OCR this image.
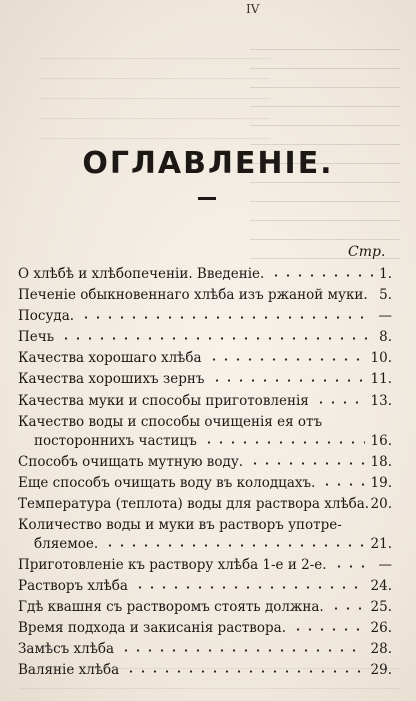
IV
ОГЛАВЛЕНІЕ.
Стр.
О хлѣбѣ и хлѣбопеченіи. Введеніе.	1.
Печеніе обыкновеннаго хлѣба изъ ржаной муки. 5.
Посуда.	—
Печь	8.
Качества хорошаго хлѣба	10.
Качества хорошихъ зернъ	11.
Качества муки и способы приготовленія	13.
Качество воды и способы очищенія ея отъ
постороннихъ частицъ	16.
Способъ очищать мутную воду.	18.
Еще способъ очищать воду въ колодцахъ.	19.
Температура (теплота) воды для раствора хлѣба. 20.
Количество воды и муки въ растворъ употре-
бляемое.	21.
Приготовленіе къ раствору хлѣба 1-е и 2-е.	—
Растворъ хлѣба	24.
Гдѣ квашня съ растворомъ стоять должна.	25.
Время подхода и закисанія раствора.	26.
Замѣсъ хлѣба	28.
Валяніе хлѣба	29.
